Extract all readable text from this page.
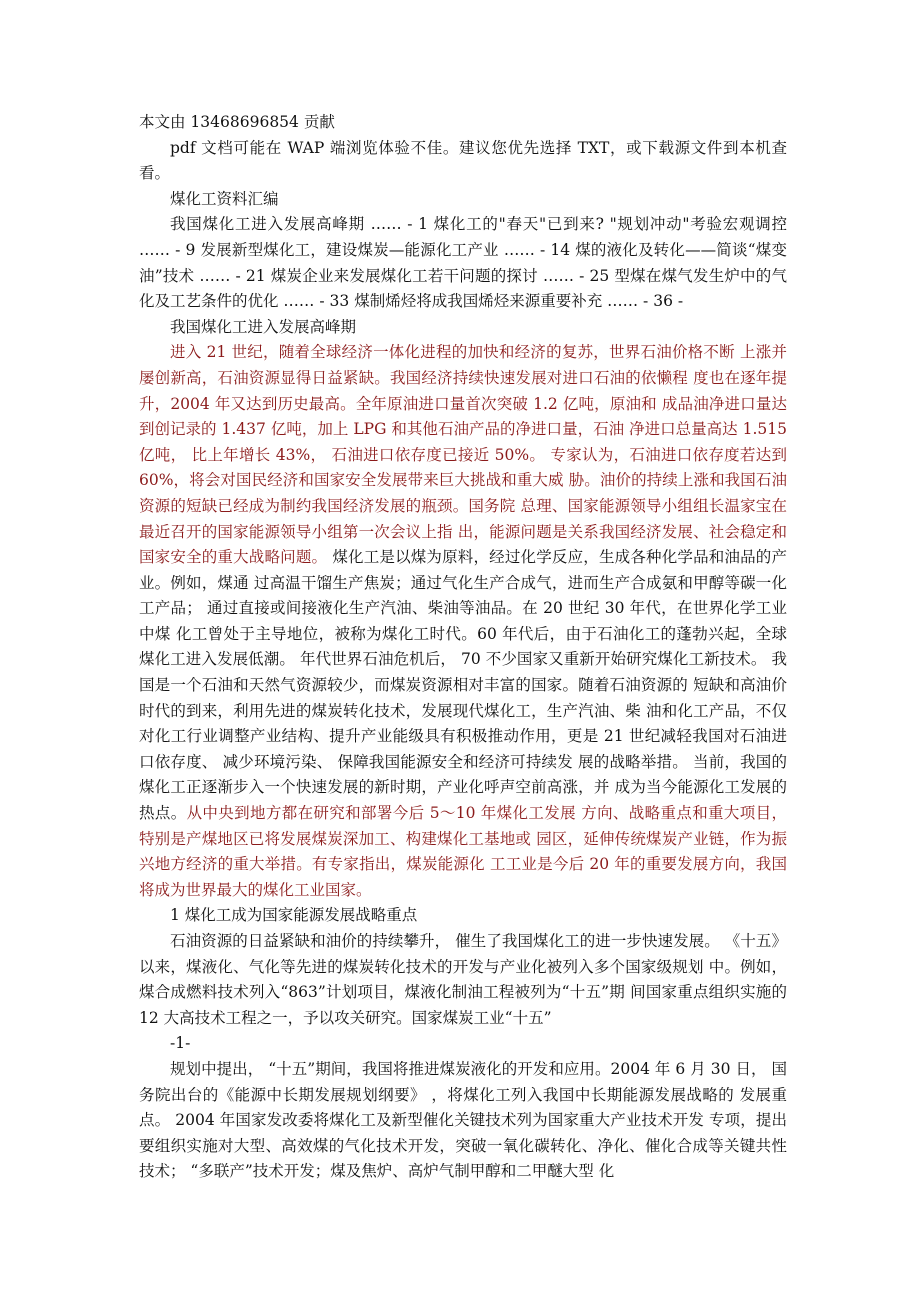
本文由 13468696854 贡献

pdf 文档可能在 WAP 端浏览体验不佳。建议您优先选择 TXT，或下载源文件到本机查看。

煤化工资料汇编

我国煤化工进入发展高峰期 …… - 1 煤化工的"春天"已到来? "规划冲动"考验宏观调控 …… - 9 发展新型煤化工，建设煤炭—能源化工产业 …… - 14 煤的液化及转化——简谈“煤变油”技术 …… - 21 煤炭企业来发展煤化工若干问题的探讨 …… - 25 型煤在煤气发生炉中的气化及工艺条件的优化 …… - 33 煤制烯烃将成我国烯烃来源重要补充 …… - 36 -

我国煤化工进入发展高峰期

进入 21 世纪，随着全球经济一体化进程的加快和经济的复苏，世界石油价格不断 上涨并屡创新高，石油资源显得日益紧缺。我国经济持续快速发展对进口石油的依懒程 度也在逐年提升，2004 年又达到历史最高。全年原油进口量首次突破 1.2 亿吨，原油和 成品油净进口量达到创记录的 1.437 亿吨，加上 LPG 和其他石油产品的净进口量，石油 净进口总量高达 1.515 亿吨， 比上年增长 43%， 石油进口依存度已接近 50%。 专家认为，石油进口依存度若达到 60%，将会对国民经济和国家安全发展带来巨大挑战和重大威 胁。油价的持续上涨和我国石油资源的短缺已经成为制约我国经济发展的瓶颈。国务院 总理、国家能源领导小组组长温家宝在最近召开的国家能源领导小组第一次会议上指 出，能源问题是关系我国经济发展、社会稳定和国家安全的重大战略问题。 煤化工是以煤为原料，经过化学反应，生成各种化学品和油品的产业。例如，煤通 过高温干馏生产焦炭；通过气化生产合成气，进而生产合成氨和甲醇等碳一化工产品； 通过直接或间接液化生产汽油、柴油等油品。在 20 世纪 30 年代，在世界化学工业中煤 化工曾处于主导地位，被称为煤化工时代。60 年代后，由于石油化工的蓬勃兴起，全球 煤化工进入发展低潮。 年代世界石油危机后， 70 不少国家又重新开始研究煤化工新技术。 我国是一个石油和天然气资源较少，而煤炭资源相对丰富的国家。随着石油资源的 短缺和高油价时代的到来，利用先进的煤炭转化技术，发展现代煤化工，生产汽油、柴 油和化工产品，不仅对化工行业调整产业结构、提升产业能级具有积极推动作用，更是 21 世纪减轻我国对石油进口依存度、 减少环境污染、 保障我国能源安全和经济可持续发 展的战略举措。 当前，我国的煤化工正逐渐步入一个快速发展的新时期，产业化呼声空前高涨，并 成为当今能源化工发展的热点。从中央到地方都在研究和部署今后 5～10 年煤化工发展 方向、战略重点和重大项目，特别是产煤地区已将发展煤炭深加工、构建煤化工基地或 园区，延伸传统煤炭产业链，作为振兴地方经济的重大举措。有专家指出，煤炭能源化 工工业是今后 20 年的重要发展方向，我国将成为世界最大的煤化工业国家。

1 煤化工成为国家能源发展战略重点

石油资源的日益紧缺和油价的持续攀升， 催生了我国煤化工的进一步快速发展。 《十五》以来，煤液化、气化等先进的煤炭转化技术的开发与产业化被列入多个国家级规划 中。例如，煤合成燃料技术列入“863”计划项目，煤液化制油工程被列为“十五”期 间国家重点组织实施的 12 大高技术工程之一，予以攻关研究。国家煤炭工业“十五”

-1-

规划中提出， “十五”期间，我国将推进煤炭液化的开发和应用。2004 年 6 月 30 日， 国务院出台的《能源中长期发展规划纲要》 ，将煤化工列入我国中长期能源发展战略的 发展重点。 2004 年国家发改委将煤化工及新型催化关键技术列为国家重大产业技术开发 专项，提出要组织实施对大型、高效煤的气化技术开发，突破一氧化碳转化、净化、催化合成等关键共性技术； “多联产”技术开发；煤及焦炉、高炉气制甲醇和二甲醚大型 化
